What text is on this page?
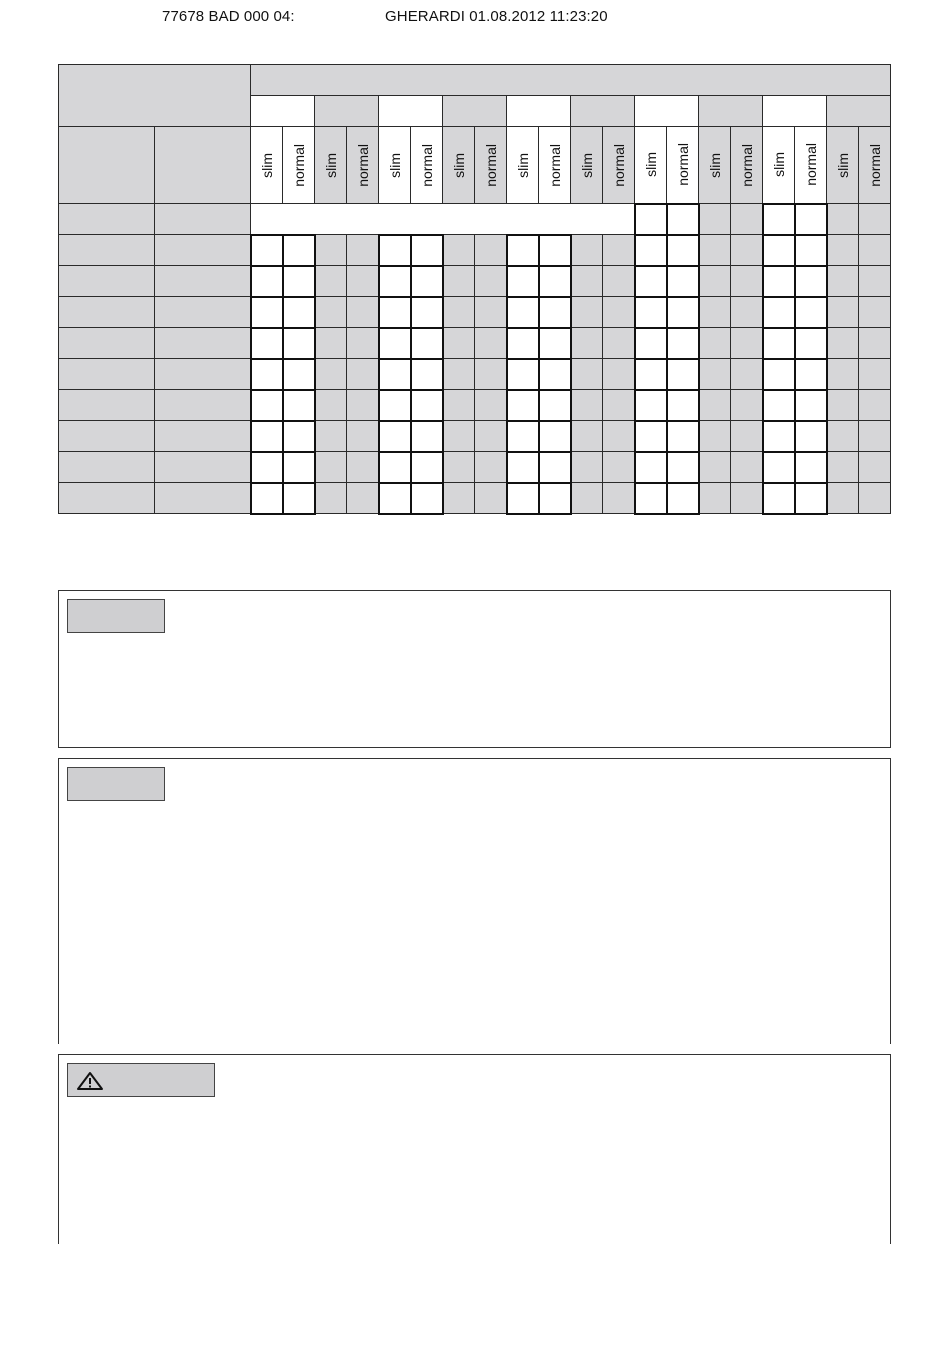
77678 BAD 000 04:	GHERARDI 01.08.2012 11:23:20

		slim	normal	slim	normal	slim	normal	slim	normal	slim	normal	slim	normal	slim	normal	slim	normal	slim	normal	slim	normal
